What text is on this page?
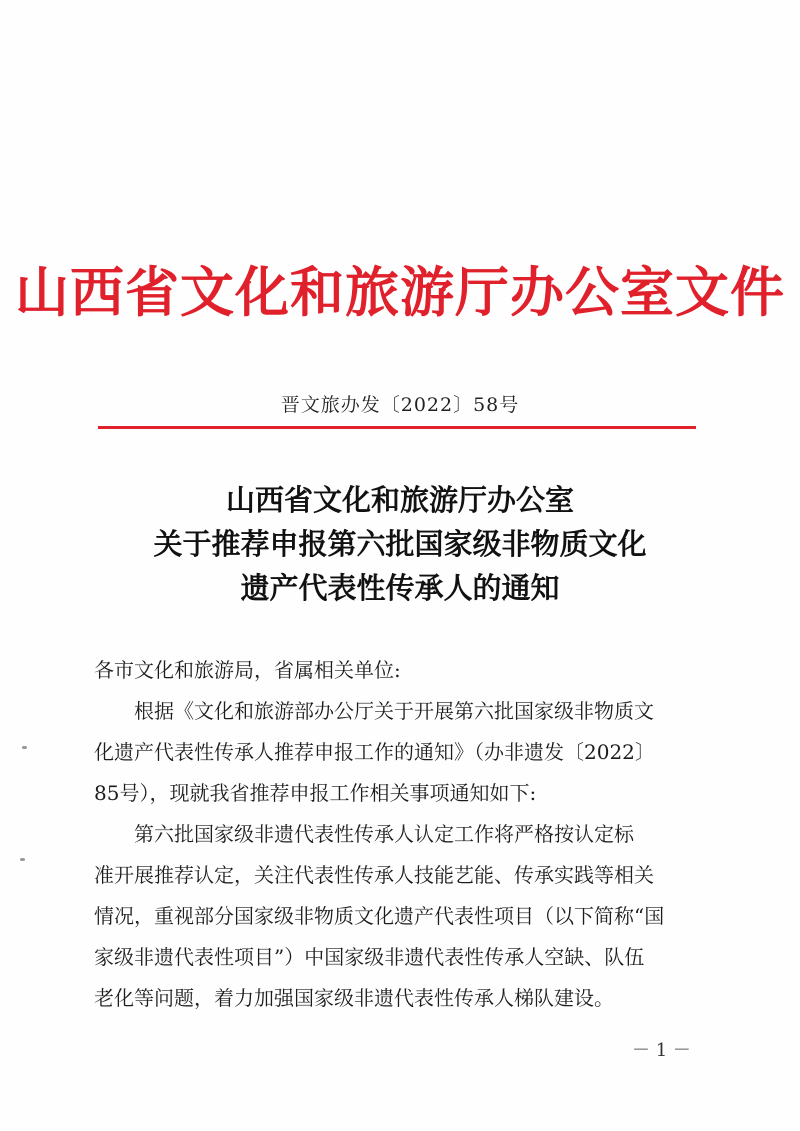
山西省文化和旅游厅办公室文件
晋文旅办发〔2022〕58号
山西省文化和旅游厅办公室
关于推荐申报第六批国家级非物质文化
遗产代表性传承人的通知

各市文化和旅游局，省属相关单位:

根据《文化和旅游部办公厅关于开展第六批国家级非物质文

化遗产代表性传承人推荐申报工作的通知》（办非遗发〔2022〕

85号），现就我省推荐申报工作相关事项通知如下:

第六批国家级非遗代表性传承人认定工作将严格按认定标

准开展推荐认定，关注代表性传承人技能艺能、传承实践等相关

情况，重视部分国家级非物质文化遗产代表性项目（以下简称“国

家级非遗代表性项目”）中国家级非遗代表性传承人空缺、队伍

老化等问题，着力加强国家级非遗代表性传承人梯队建设。

－ 1 －
